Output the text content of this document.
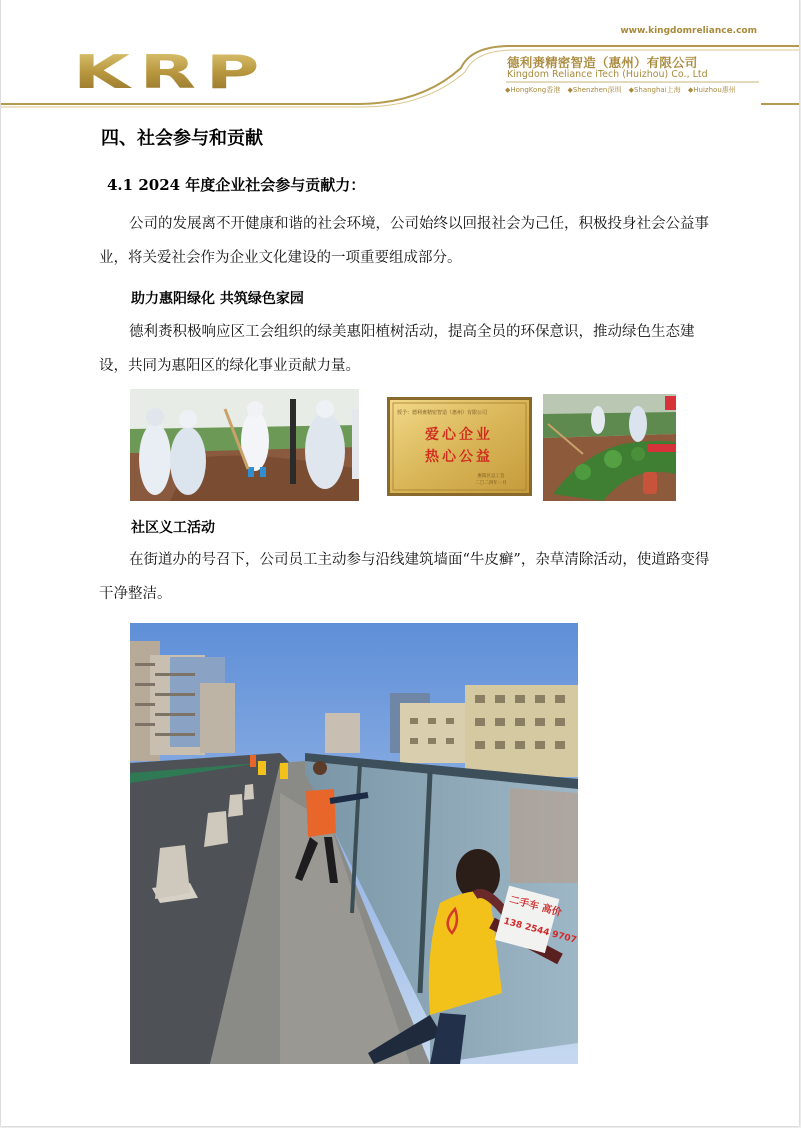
www.kingdomreliance.com
KRP	德利赉精密智造（惠州）有限公司
Kingdom Reliance iTech (Huizhou) Co., Ltd
◆HongKong香港 ◆Shenzhen深圳 ◆Shanghai上海 ◆Huizhou惠州
四、社会参与和贡献
4.1 2024 年度企业社会参与贡献力：
公司的发展离不开健康和谐的社会环境，公司始终以回报社会为己任，积极投身社会公益事业，将关爱社会作为企业文化建设的一项重要组成部分。
助力惠阳绿化 共筑绿色家园
德利赉积极响应区工会组织的绿美惠阳植树活动，提高全员的环保意识，推动绿色生态建设，共同为惠阳区的绿化事业贡献力量。
授予：德利赉精密智造（惠州）有限公司
爱心企业
热心公益
惠阳区总工会
二〇二四年一月
社区义工活动
在街道办的号召下，公司员工主动参与沿线建筑墙面“牛皮癣”，杂草清除活动，使道路变得干净整洁。
二手车 高价
138 2544 9707
